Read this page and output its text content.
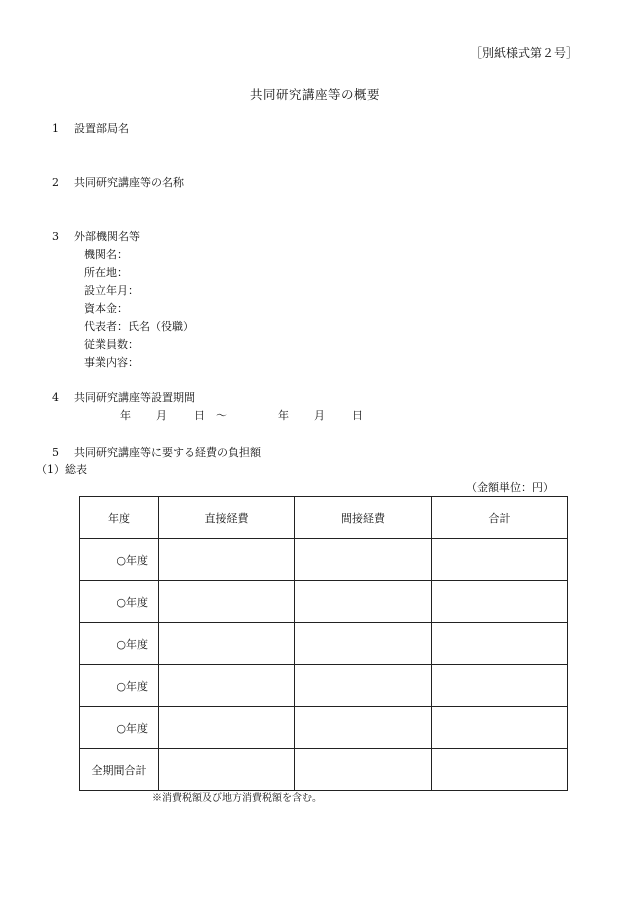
［別紙様式第２号］
共同研究講座等の概要
1 設置部局名
2 共同研究講座等の名称
3 外部機関名等
機関名：
所在地：
設立年月：
資本金：
代表者：氏名（役職）
従業員数：
事業内容：
4 共同研究講座等設置期間
年 月 日 〜	年 月 日
5 共同研究講座等に要する経費の負担額
（1）総表
（金額単位：円）
年度	直接経費	間接経費	合計
○年度			
○年度			
○年度			
○年度			
○年度			
全期間合計			
※消費税額及び地方消費税額を含む。
